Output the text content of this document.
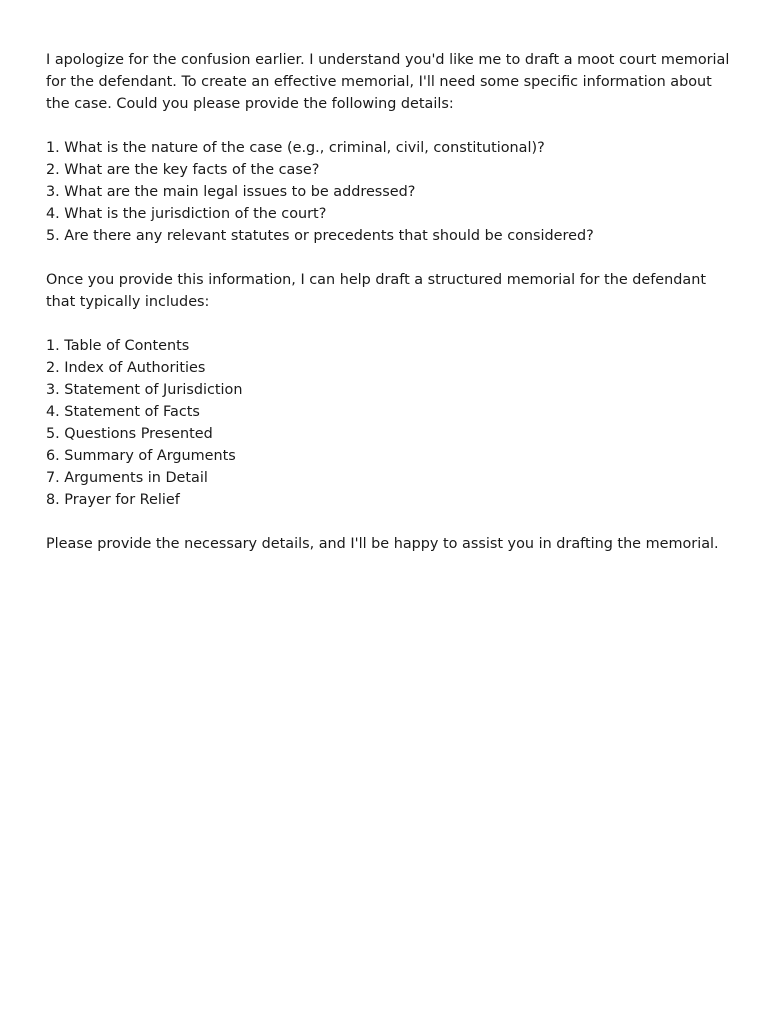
I apologize for the confusion earlier. I understand you'd like me to draft a moot court memorial for the defendant. To create an effective memorial, I'll need some specific information about the case. Could you please provide the following details:

1. What is the nature of the case (e.g., criminal, civil, constitutional)?
2. What are the key facts of the case?
3. What are the main legal issues to be addressed?
4. What is the jurisdiction of the court?
5. Are there any relevant statutes or precedents that should be considered?

Once you provide this information, I can help draft a structured memorial for the defendant that typically includes:

1. Table of Contents
2. Index of Authorities
3. Statement of Jurisdiction
4. Statement of Facts
5. Questions Presented
6. Summary of Arguments
7. Arguments in Detail
8. Prayer for Relief

Please provide the necessary details, and I'll be happy to assist you in drafting the memorial.
